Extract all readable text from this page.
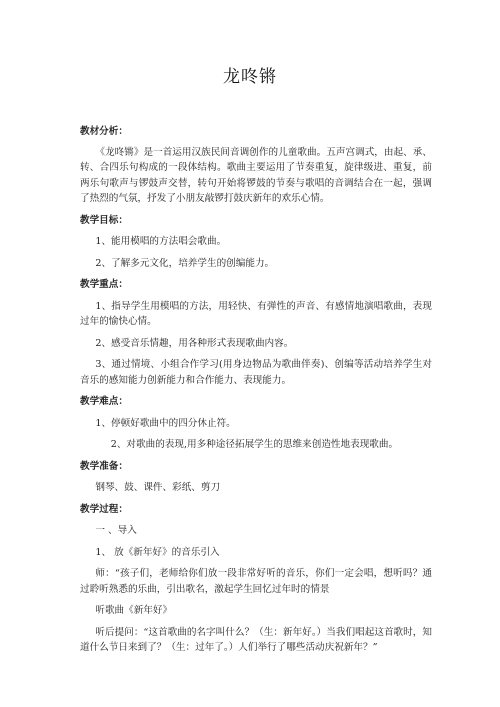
龙咚锵

教材分析：

《龙咚锵》是一首运用汉族民间音调创作的儿童歌曲。五声宫调式，由起、承、转、合四乐句构成的一段体结构。歌曲主要运用了节奏重复，旋律级进、重复，前两乐句歌声与锣鼓声交替，转句开始将锣鼓的节奏与歌唱的音调结合在一起，强调了热烈的气氛，抒发了小朋友敲锣打鼓庆新年的欢乐心情。

教学目标：

1、能用模唱的方法唱会歌曲。

2、了解多元文化，培养学生的创编能力。

教学重点：

1、指导学生用模唱的方法，用轻快、有弹性的声音、有感情地演唱歌曲，表现过年的愉快心情。

2、感受音乐情趣，用各种形式表现歌曲内容。

3、通过情境、小组合作学习(用身边物品为歌曲伴奏)、创编等活动培养学生对音乐的感知能力创新能力和合作能力、表现能力。

教学难点：

1、停顿好歌曲中的四分休止符。

2、对歌曲的表现,用多种途径拓展学生的思维来创造性地表现歌曲。

教学准备：

钢琴、鼓、课件、彩纸、剪刀

教学过程：

一 、导入

1、 放《新年好》的音乐引入

师：“孩子们，老师给你们放一段非常好听的音乐，你们一定会唱，想听吗？通过聆听熟悉的乐曲，引出歌名，激起学生回忆过年时的情景

听歌曲《新年好》

听后提问：“这首歌曲的名字叫什么？（生：新年好。）当我们唱起这首歌时，知道什么节日来到了？（生：过年了。）人们举行了哪些活动庆祝新年？”
